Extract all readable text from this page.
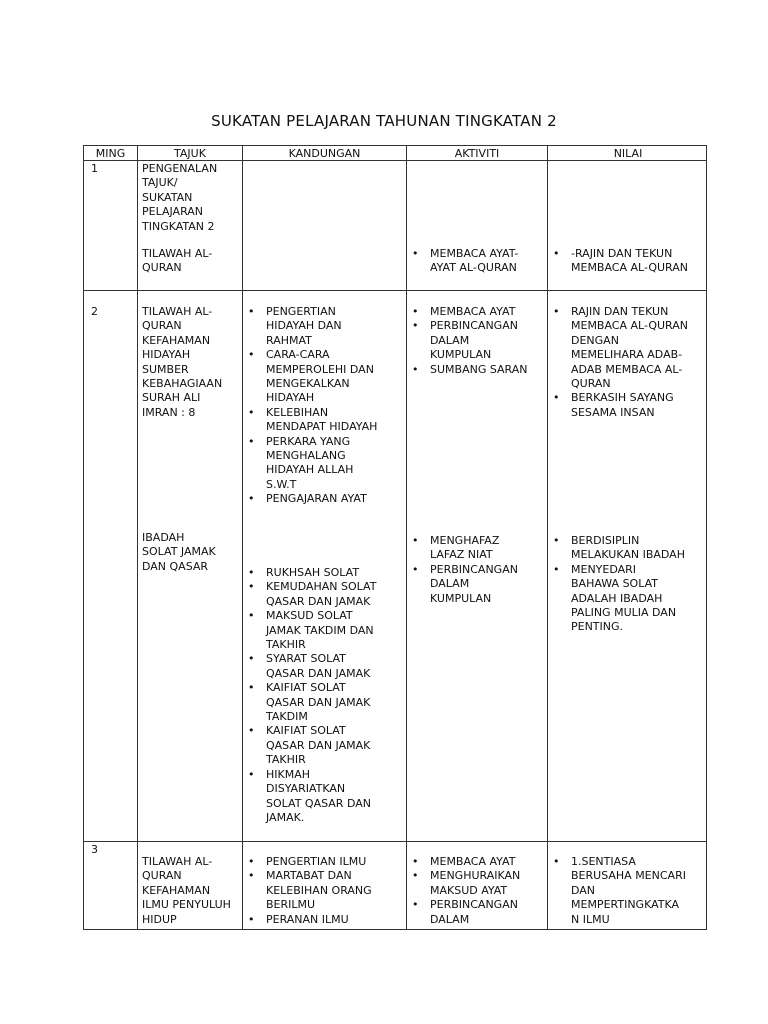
SUKATAN PELAJARAN TAHUNAN TINGKATAN 2
MING	TAJUK	KANDUNGAN	AKTIVITI	NILAI
1	PENGENALAN
TAJUK/
SUKATAN
PELAJARAN
TINGKATAN 2
TILAWAH AL-
QURAN
• MEMBACA AYAT-
AYAT AL-QURAN
• -RAJIN DAN TEKUN
MEMBACA AL-QURAN
2	TILAWAH AL-
QURAN
KEFAHAMAN
HIDAYAH
SUMBER
KEBAHAGIAAN
SURAH ALI
IMRAN : 8
• PENGERTIAN
HIDAYAH DAN
RAHMAT
• CARA-CARA
MEMPEROLEHI DAN
MENGEKALKAN
HIDAYAH
• KELEBIHAN
MENDAPAT HIDAYAH
• PERKARA YANG
MENGHALANG
HIDAYAH ALLAH
S.W.T
• PENGAJARAN AYAT
• MEMBACA AYAT
• PERBINCANGAN
DALAM
KUMPULAN
• SUMBANG SARAN
• RAJIN DAN TEKUN
MEMBACA AL-QURAN
DENGAN
MEMELIHARA ADAB-
ADAB MEMBACA AL-
QURAN
• BERKASIH SAYANG
SESAMA INSAN
IBADAH
SOLAT JAMAK
DAN QASAR
•	RUKHSAH SOLAT
• KEMUDAHAN SOLAT
QASAR DAN JAMAK
• MAKSUD SOLAT
JAMAK TAKDIM DAN
TAKHIR
• SYARAT SOLAT
QASAR DAN JAMAK
• KAIFIAT SOLAT
QASAR DAN JAMAK
TAKDIM
• KAIFIAT SOLAT
QASAR DAN JAMAK
TAKHIR
• HIKMAH
DISYARIATKAN
SOLAT QASAR DAN
JAMAK.
• MENGHAFAZ
LAFAZ NIAT
• PERBINCANGAN
DALAM
KUMPULAN
• BERDISIPLIN
MELAKUKAN IBADAH
• MENYEDARI
BAHAWA SOLAT
ADALAH IBADAH
PALING MULIA DAN
PENTING.
3
TILAWAH AL-
QURAN
KEFAHAMAN
ILMU PENYULUH
HIDUP
• PENGERTIAN ILMU
• MARTABAT DAN
KELEBIHAN ORANG
BERILMU
• PERANAN ILMU
• MEMBACA AYAT
• MENGHURAIKAN
MAKSUD AYAT
• PERBINCANGAN
DALAM
• 1.SENTIASA
BERUSAHA MENCARI
DAN
MEMPERTINGKATKA
N ILMU
